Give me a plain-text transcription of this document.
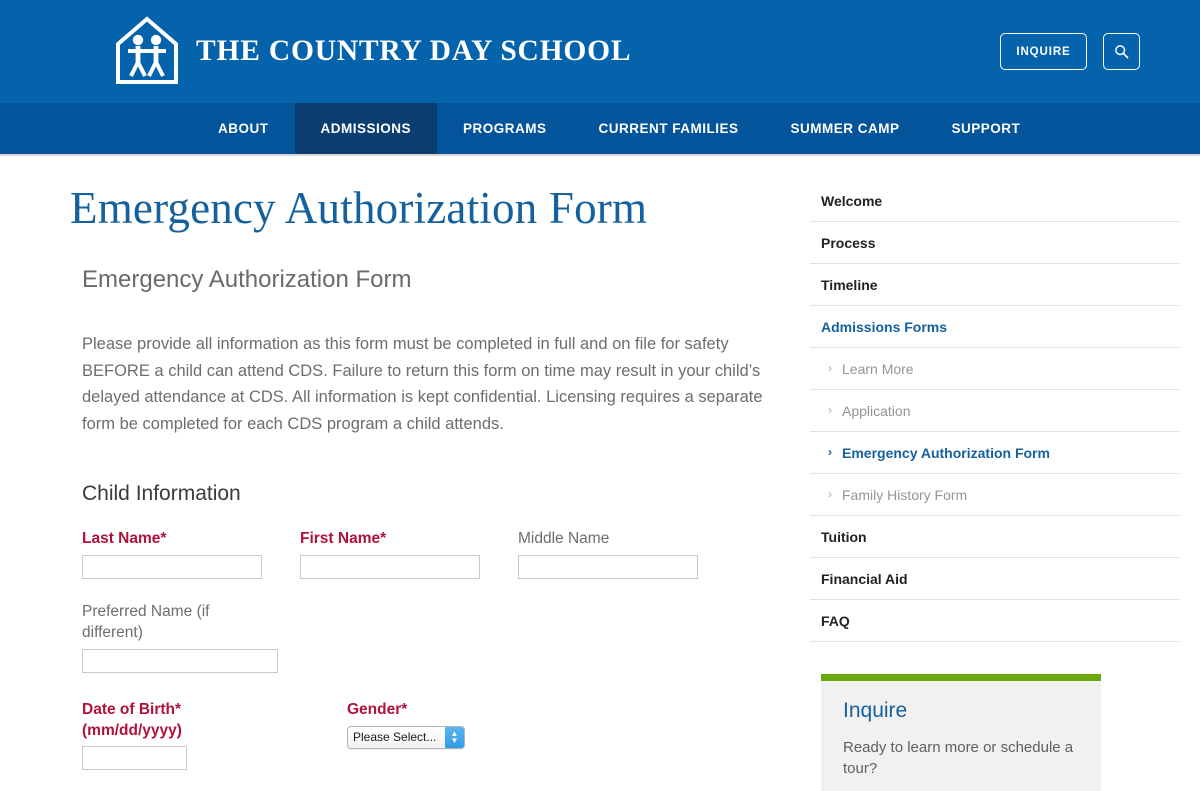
THE COUNTRY DAY SCHOOL	INQUIRE
ABOUT	ADMISSIONS	PROGRAMS	CURRENT FAMILIES	SUMMER CAMP	SUPPORT
Emergency Authorization Form
Emergency Authorization Form

Please provide all information as this form must be completed in full and on file for safety BEFORE a child can attend CDS. Failure to return this form on time may result in your child’s delayed attendance at CDS. All information is kept confidential. Licensing requires a separate form be completed for each CDS program a child attends.

Child Information
Last Name*	First Name*	Middle Name
Preferred Name (if different)
Date of Birth* (mm/dd/yyyy)
Gender*
Please Select... ▲
▼
Welcome
Process
Timeline
Admissions Forms
› Learn More
› Application
› Emergency Authorization Form
› Family History Form
Tuition
Financial Aid
FAQ
Inquire

Ready to learn more or schedule a tour?
